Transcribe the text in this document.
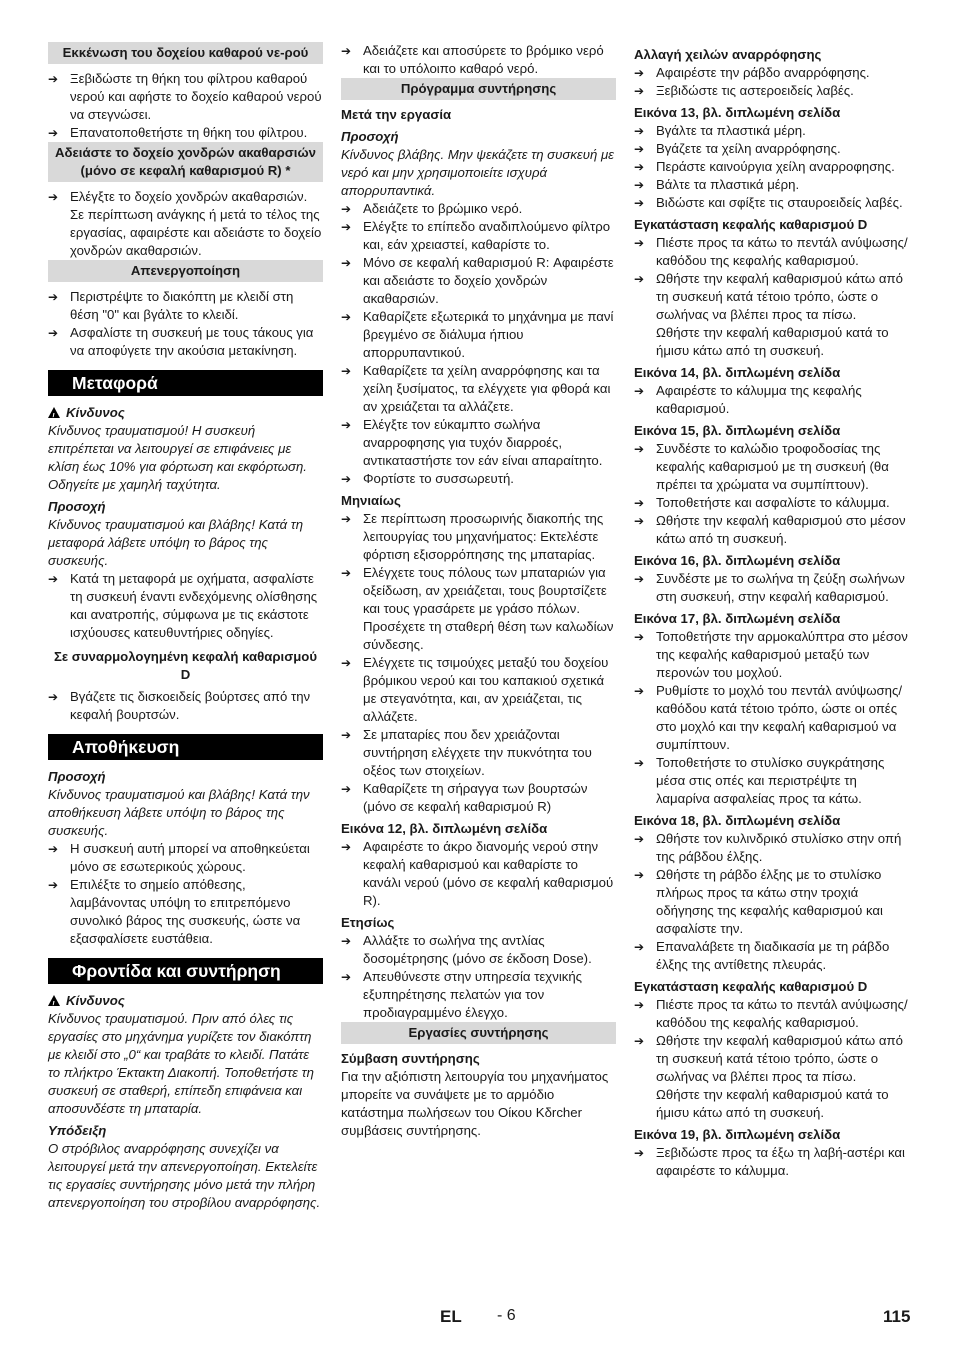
Εκκένωση του δοχείου καθαρού νε-ρού
➔ Ξεβιδώστε τη θήκη του φίλτρου καθαρού νερού και αφήστε το δοχείο καθαρού νερού να στεγνώσει.
➔ Επανατοποθετήστε τη θήκη του φίλτρου.
Αδειάστε το δοχείο χονδρών ακαθαρσιών (μόνο σε κεφαλή καθαρισμού R) *
➔ Ελέγξτε το δοχείο χονδρών ακαθαρσιών. Σε περίπτωση ανάγκης ή μετά το τέλος της εργασίας, αφαιρέστε και αδειάστε το δοχείο χονδρών ακαθαρσιών.
Απενεργοποίηση
➔ Περιστρέψτε το διακόπτη με κλειδί στη θέση "0" και βγάλτε το κλειδί.
➔ Ασφαλίστε τη συσκευή με τους τάκους για να αποφύγετε την ακούσια μετακίνηση.
Μεταφορά
!Κίνδυνος
Κίνδυνος τραυματισμού! Η συσκευή επιτρέπεται να λειτουργεί σε επιφάνειες με κλίση έως 10% για φόρτωση και εκφόρτωση. Οδηγείτε με χαμηλή ταχύτητα.
Προσοχή
Κίνδυνος τραυματισμού και βλάβης! Κατά τη μεταφορά λάβετε υπόψη το βάρος της συσκευής.
➔ Κατά τη μεταφορά με οχήματα, ασφαλίστε τη συσκευή έναντι ενδεχόμενης ολίσθησης και ανατροπής, σύμφωνα με τις εκάστοτε ισχύουσες κατευθυντήριες οδηγίες.
Σε συναρμολογημένη κεφαλή καθαρισμού D
➔ Βγάζετε τις δισκοειδείς βούρτσες από την κεφαλή βουρτσών.
Αποθήκευση
Προσοχή
Κίνδυνος τραυματισμού και βλάβης! Κατά την αποθήκευση λάβετε υπόψη το βάρος της συσκευής.
➔ Η συσκευή αυτή μπορεί να αποθηκεύεται μόνο σε εσωτερικούς χώρους.
➔ Επιλέξτε το σημείο απόθεσης, λαμβάνοντας υπόψη το επιτρεπόμενο συνολικό βάρος της συσκευής, ώστε να εξασφαλίσετε ευστάθεια.
Φροντίδα και συντήρηση
!Κίνδυνος
Κίνδυνος τραυματισμού. Πριν από όλες τις εργασίες στο μηχάνημα γυρίζετε τον διακόπτη με κλειδί στο „0“ και τραβάτε το κλειδί. Πατάτε το πλήκτρο Έκτακτη Διακοπή. Τοποθετήστε τη συσκευή σε σταθερή, επίπεδη επιφάνεια και αποσυνδέστε τη μπαταρία.
Υπόδειξη
Ο στρόβιλος αναρρόφησης συνεχίζει να λειτουργεί μετά την απενεργοποίηση. Εκτελείτε τις εργασίες συντήρησης μόνο μετά την πλήρη απενεργοποίηση του στροβίλου αναρρόφησης.
➔ Αδειάζετε και αποσύρετε το βρόμικο νερό και το υπόλοιπο καθαρό νερό.
Πρόγραμμα συντήρησης
Μετά την εργασία
Προσοχή
Κίνδυνος βλάβης. Μην ψεκάζετε τη συσκευή με νερό και μην χρησιμοποιείτε ισχυρά απορρυπαντικά.
➔ Αδειάζετε το βρώμικο νερό.
➔ Ελέγξτε το επίπεδο αναδιπλούμενο φίλτρο και, εάν χρειαστεί, καθαρίστε το.
➔ Μόνο σε κεφαλή καθαρισμού R: Αφαιρέστε και αδειάστε το δοχείο χονδρών ακαθαρσιών.
➔ Καθαρίζετε εξωτερικά το μηχάνημα με πανί βρεγμένο σε διάλυμα ήπιου απορρυπαντικού.
➔ Καθαρίζετε τα χείλη αναρρόφησης και τα χείλη ξυσίματος, τα ελέγχετε για φθορά και αν χρειάζεται τα αλλάζετε.
➔ Ελέγξτε τον εύκαμπτο σωλήνα αναρροφησης για τυχόν διαρροές, αντικαταστήστε τον εάν είναι απαραίτητο.
➔ Φορτίστε το συσσωρευτή.
Μηνιαίως
➔ Σε περίπτωση προσωρινής διακοπής της λειτουργίας του μηχανήματος: Εκτελέστε φόρτιση εξισορρόπησης της μπαταρίας.
➔ Ελέγχετε τους πόλους των μπαταριών για οξείδωση, αν χρειάζεται, τους βουρτσίζετε και τους γρασάρετε με γράσο πόλων. Προσέχετε τη σταθερή θέση των καλωδίων σύνδεσης.
➔ Ελέγχετε τις τσιμούχες μεταξύ του δοχείου βρόμικου νερού και του καπακιού σχετικά με στεγανότητα, και, αν χρειάζεται, τις αλλάζετε.
➔ Σε μπαταρίες που δεν χρειάζονται συντήρηση ελέγχετε την πυκνότητα του οξέος των στοιχείων.
➔ Καθαρίζετε τη σήραγγα των βουρτσών (μόνο σε κεφαλή καθαρισμού R)
Εικόνα 12, βλ. διπλωμένη σελίδα
➔ Αφαιρέστε το άκρο διανομής νερού στην κεφαλή καθαρισμού και καθαρίστε το κανάλι νερού (μόνο σε κεφαλή καθαρισμού R).
Ετησίως
➔ Αλλάξτε το σωλήνα της αντλίας δοσομέτρησης (μόνο σε έκδοση Dose).
➔ Απευθύνεστε στην υπηρεσία τεχνικής εξυπηρέτησης πελατών για τον προδιαγραμμένο έλεγχο.
Εργασίες συντήρησης
Σύμβαση συντήρησης
Για την αξιόπιστη λειτουργία του μηχανήματος μπορείτε να συνάψετε με το αρμόδιο κατάστημα πωλήσεων του Οίκου Kδrcher συμβάσεις συντήρησης.
Αλλαγή χειλών αναρρόφησης
➔ Αφαιρέστε την ράβδο αναρρόφησης.
➔ Ξεβιδώστε τις αστεροειδείς λαβές.
Εικόνα 13, βλ. διπλωμένη σελίδα
➔ Βγάλτε τα πλαστικά μέρη.
➔ Βγάζετε τα χείλη αναρρόφησης.
➔ Περάστε καινούργια χείλη αναρροφησης.
➔ Βάλτε τα πλαστικά μέρη.
➔ Βιδώστε και σφίξτε τις σταυροειδείς λαβές.
Εγκατάσταση κεφαλής καθαρισμού D
➔ Πιέστε προς τα κάτω το πεντάλ ανύψωσης/καθόδου της κεφαλής καθαρισμού.
➔ Ωθήστε την κεφαλή καθαρισμού κάτω από τη συσκευή κατά τέτοιο τρόπο, ώστε ο σωλήνας να βλέπει προς τα πίσω.
Ωθήστε την κεφαλή καθαρισμού κατά το ήμισυ κάτω από τη συσκευή.
Εικόνα 14, βλ. διπλωμένη σελίδα
➔ Αφαιρέστε το κάλυμμα της κεφαλής καθαρισμού.
Εικόνα 15, βλ. διπλωμένη σελίδα
➔ Συνδέστε το καλώδιο τροφοδοσίας της κεφαλής καθαρισμού με τη συσκευή (θα πρέπει τα χρώματα να συμπίπτουν).
➔ Τοποθετήστε και ασφαλίστε το κάλυμμα.
➔ Ωθήστε την κεφαλή καθαρισμού στο μέσον κάτω από τη συσκευή.
Εικόνα 16, βλ. διπλωμένη σελίδα
➔ Συνδέστε με το σωλήνα τη ζεύξη σωλήνων στη συσκευή, στην κεφαλή καθαρισμού.
Εικόνα 17, βλ. διπλωμένη σελίδα
➔ Τοποθετήστε την αρμοκαλύπτρα στο μέσον της κεφαλής καθαρισμού μεταξύ των περονών του μοχλού.
➔ Ρυθμίστε το μοχλό του πεντάλ ανύψωσης/καθόδου κατά τέτοιο τρόπο, ώστε οι οπές στο μοχλό και την κεφαλή καθαρισμού να συμπίπτουν.
➔ Τοποθετήστε το στυλίσκο συγκράτησης μέσα στις οπές και περιστρέψτε τη λαμαρίνα ασφαλείας προς τα κάτω.
Εικόνα 18, βλ. διπλωμένη σελίδα
➔ Ωθήστε τον κυλινδρικό στυλίσκο στην οπή της ράβδου έλξης.
➔ Ωθήστε τη ράβδο έλξης με το στυλίσκο πλήρως προς τα κάτω στην τροχιά οδήγησης της κεφαλής καθαρισμού και ασφαλίστε την.
➔ Επαναλάβετε τη διαδικασία με τη ράβδο έλξης της αντίθετης πλευράς.
Εγκατάσταση κεφαλής καθαρισμού D
➔ Πιέστε προς τα κάτω το πεντάλ ανύψωσης/καθόδου της κεφαλής καθαρισμού.
➔ Ωθήστε την κεφαλή καθαρισμού κάτω από τη συσκευή κατά τέτοιο τρόπο, ώστε ο σωλήνας να βλέπει προς τα πίσω.
Ωθήστε την κεφαλή καθαρισμού κατά το ήμισυ κάτω από τη συσκευή.
Εικόνα 19, βλ. διπλωμένη σελίδα
➔ Ξεβιδώστε προς τα έξω τη λαβή-αστέρι και αφαιρέστε το κάλυμμα.
EL - 6	115
